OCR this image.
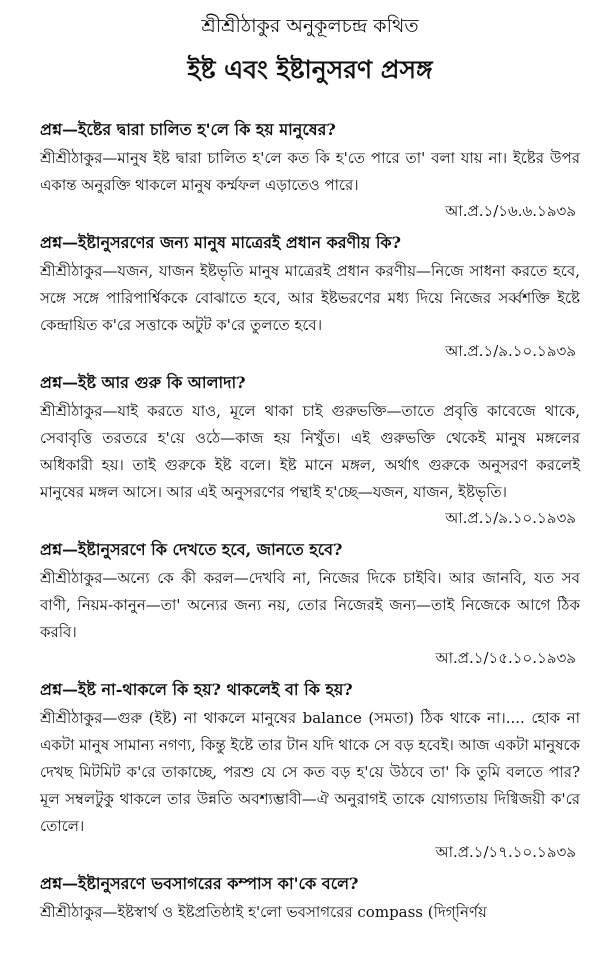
শ্রীশ্রীঠাকুর অনুকূলচন্দ্র কথিত
ইষ্ট এবং ইষ্টানুসরণ প্রসঙ্গ

প্রশ্ন—ইষ্টের দ্বারা চালিত হ'লে কি হয় মানুষের?

শ্রীশ্রীঠাকুর—মানুষ ইষ্ট দ্বারা চালিত হ'লে কত কি হ'তে পারে তা' বলা যায় না। ইষ্টের উপর একান্ত অনুরক্তি থাকলে মানুষ কর্ম্মফল এড়াতেও পারে।

আ.প্র.১/১৬.৬.১৯৩৯

প্রশ্ন—ইষ্টানুসরণের জন্য মানুষ মাত্রেরই প্রধান করণীয় কি?

শ্রীশ্রীঠাকুর—যজন, যাজন ইষ্টভৃতি মানুষ মাত্রেরই প্রধান করণীয়—নিজে সাধনা করতে হবে, সঙ্গে সঙ্গে পারিপার্শ্বিককে বোঝাতে হবে, আর ইষ্টভরণের মধ্য দিয়ে নিজের সর্ব্বশক্তি ইষ্টে কেন্দ্রায়িত ক'রে সত্তাকে অটুট ক'রে তুলতে হবে।

আ.প্র.১/৯.১০.১৯৩৯

প্রশ্ন—ইষ্ট আর গুরু কি আলাদা?

শ্রীশ্রীঠাকুর—যাই করতে যাও, মূলে থাকা চাই গুরুভক্তি—তাতে প্রবৃত্তি কাবেজে থাকে, সেবাবৃত্তি তরতরে হ'য়ে ওঠে—কাজ হয় নিখুঁত। এই গুরুভক্তি থেকেই মানুষ মঙ্গলের অধিকারী হয়। তাই গুরুকে ইষ্ট বলে। ইষ্ট মানে মঙ্গল, অর্থাৎ গুরুকে অনুসরণ করলেই মানুষের মঙ্গল আসে। আর এই অনুসরণের পন্থাই হ'চ্ছে—যজন, যাজন, ইষ্টভৃতি।

আ.প্র.১/৯.১০.১৯৩৯

প্রশ্ন—ইষ্টানুসরণে কি দেখতে হবে, জানতে হবে?

শ্রীশ্রীঠাকুর—অন্যে কে কী করল—দেখবি না, নিজের দিকে চাইবি। আর জানবি, যত সব বাণী, নিয়ম-কানুন—তা' অন্যের জন্য নয়, তোর নিজেরই জন্য—তাই নিজেকে আগে ঠিক করবি।

আ.প্র.১/১৫.১০.১৯৩৯

প্রশ্ন—ইষ্ট না-থাকলে কি হয়? থাকলেই বা কি হয়?

শ্রীশ্রীঠাকুর—গুরু (ইষ্ট) না থাকলে মানুষের balance (সমতা) ঠিক থাকে না।.... হোক না একটা মানুষ সামান্য নগণ্য, কিন্তু ইষ্টে তার টান যদি থাকে সে বড় হবেই। আজ একটা মানুষকে দেখছ মিটমিট ক'রে তাকাচ্ছে, পরশু যে সে কত বড় হ'য়ে উঠবে তা' কি তুমি বলতে পার? মূল সম্বলটুকু থাকলে তার উন্নতি অবশ্যম্ভাবী—ঐ অনুরাগই তাকে যোগ্যতায় দিগ্বিজয়ী ক'রে তোলে।

আ.প্র.১/১৭.১০.১৯৩৯

প্রশ্ন—ইষ্টানুসরণে ভবসাগরের কম্পাস কা'কে বলে?

শ্রীশ্রীঠাকুর—ইষ্টস্বার্থ ও ইষ্টপ্রতিষ্ঠাই হ'লো ভবসাগরের compass (দিগ্‌নির্ণয়
